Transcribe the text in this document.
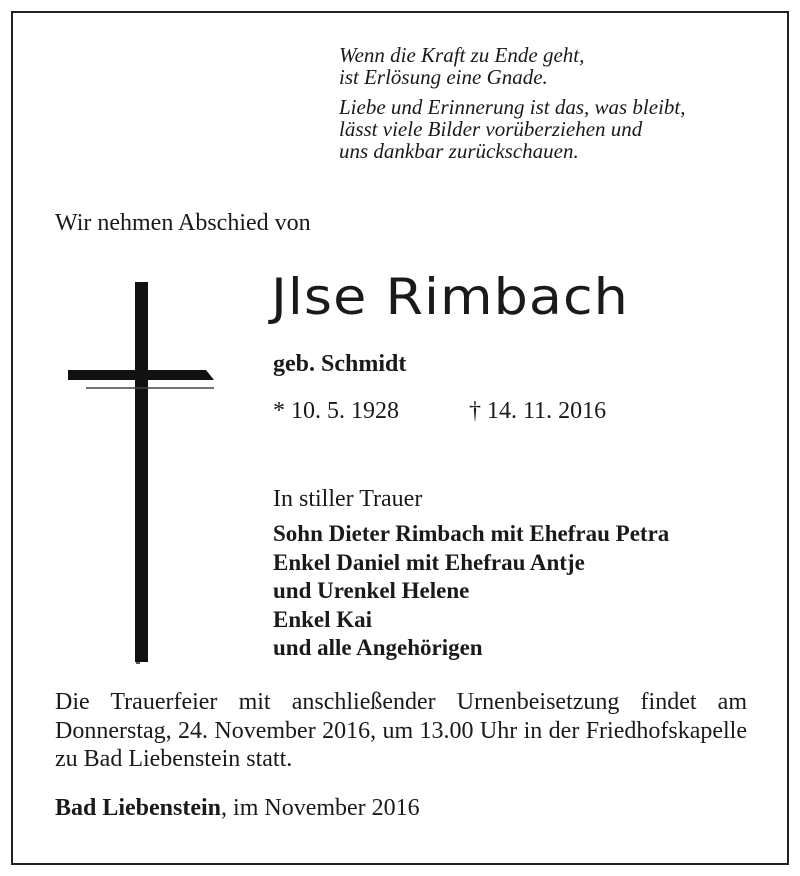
Wenn die Kraft zu Ende geht,
ist Erlösung eine Gnade.
Liebe und Erinnerung ist das, was bleibt,
lässt viele Bilder vorüberziehen und
uns dankbar zurückschauen.
Wir nehmen Abschied von
Jlse Rimbach
geb. Schmidt
* 10. 5. 1928	† 14. 11. 2016
In stiller Trauer
Sohn Dieter Rimbach mit Ehefrau Petra
Enkel Daniel mit Ehefrau Antje
und Urenkel Helene
Enkel Kai
und alle Angehörigen
Die Trauerfeier mit anschließender Urnenbeisetzung findet am Donnerstag, 24. November 2016, um 13.00 Uhr in der Friedhofskapelle zu Bad Liebenstein statt.
Bad Liebenstein, im November 2016
